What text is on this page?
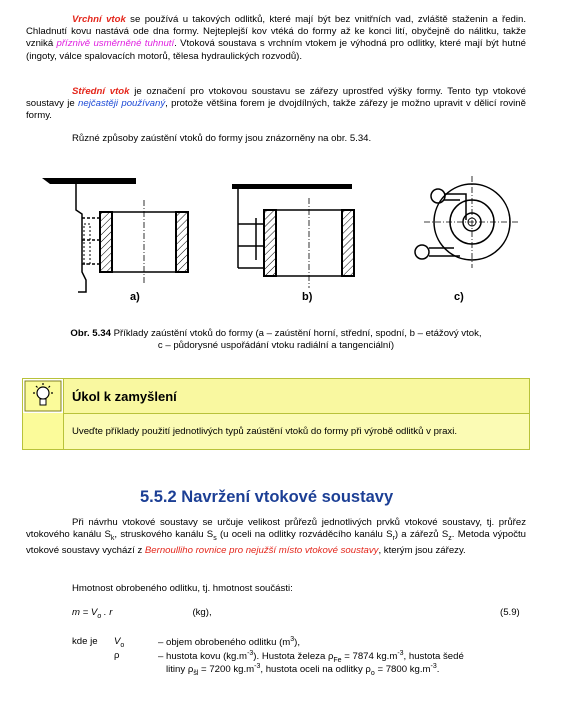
Vrchní vtok se používá u takových odlitků, které mají být bez vnitřních vad, zvláště staženin a ředin. Chladnutí kovu nastává ode dna formy. Nejteplejší kov vtéká do formy až ke konci lití, obyčejně do nálitku, takže vzniká příznivě usměrněné tuhnutí. Vtoková soustava s vrchním vtokem je výhodná pro odlitky, které mají být hutné (ingoty, válce spalovacích motorů, tělesa hydraulických rozvodů).

Střední vtok je označení pro vtokovou soustavu se zářezy uprostřed výšky formy. Tento typ vtokové soustavy je nejčastěji používaný, protože většina forem je dvojdílných, takže zářezy je možno upravit v dělicí rovině formy.

Různé způsoby zaústění vtoků do formy jsou znázorněny na obr. 5.34.

a)	b)	c)
Obr. 5.34 Příklady zaústění vtoků do formy (a – zaústění horní, střední, spodní, b – etážový vtok,
c – půdorysné uspořádání vtoku radiální a tangenciální)
	Úkol k zamyšlení
Uveďte příklady použití jednotlivých typů zaústění vtoků do formy při výrobě odlitků v praxi.
5.5.2 Navržení vtokové soustavy

Při návrhu vtokové soustavy se určuje velikost průřezů jednotlivých prvků vtokové soustavy, tj. průřez vtokového kanálu $S_k$, struskového kanálu $S_s$ (u oceli na odlitky rozváděcího kanálu $S_r$) a zářezů $S_z$. Metoda výpočtu vtokové soustavy vychází z Bernoulliho rovnice pro nejužší místo vtokové soustavy, kterým jsou zářezy.

Hmotnost obrobeného odlitku, tj. hmotnost součásti:

$m = V_o$ . r	(kg),	(5.9)
kde je $V_o$	– objem obrobeného odlitku $(m^3)$,
ρ	– hustota kovu $(kg.m^{-3})$. Hustota železa $\rho_{Fe} = 7874$ $kg.m^{-3}$, hustota šedé
litiny $\rho_{šl} = 7200$ $kg.m^{-3}$, hustota oceli na odlitky $\rho_o = 7800$ $kg.m^{-3}$.
